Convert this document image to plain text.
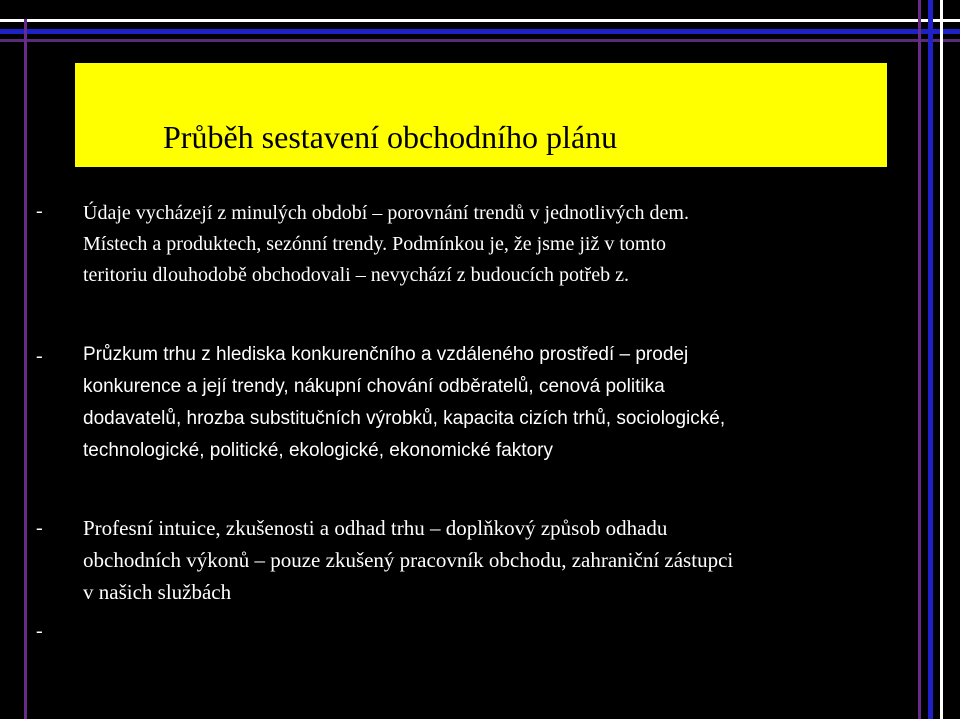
Průběh sestavení obchodního plánu
- Údaje vycházejí z minulých období – porovnání trendů v jednotlivých dem.
Místech a produktech, sezónní trendy. Podmínkou je, že jsme již v tomto
teritoriu dlouhodobě obchodovali – nevychází z budoucích potřeb z.
- Průzkum trhu z hlediska konkurenčního a vzdáleného prostředí – prodej
konkurence a její trendy, nákupní chování odběratelů, cenová politika
dodavatelů, hrozba substitučních výrobků, kapacita cizích trhů, sociologické,
technologické, politické, ekologické, ekonomické faktory
- Profesní intuice, zkušenosti a odhad trhu – doplňkový způsob odhadu
obchodních výkonů – pouze zkušený pracovník obchodu, zahraniční zástupci
v našich službách
-
